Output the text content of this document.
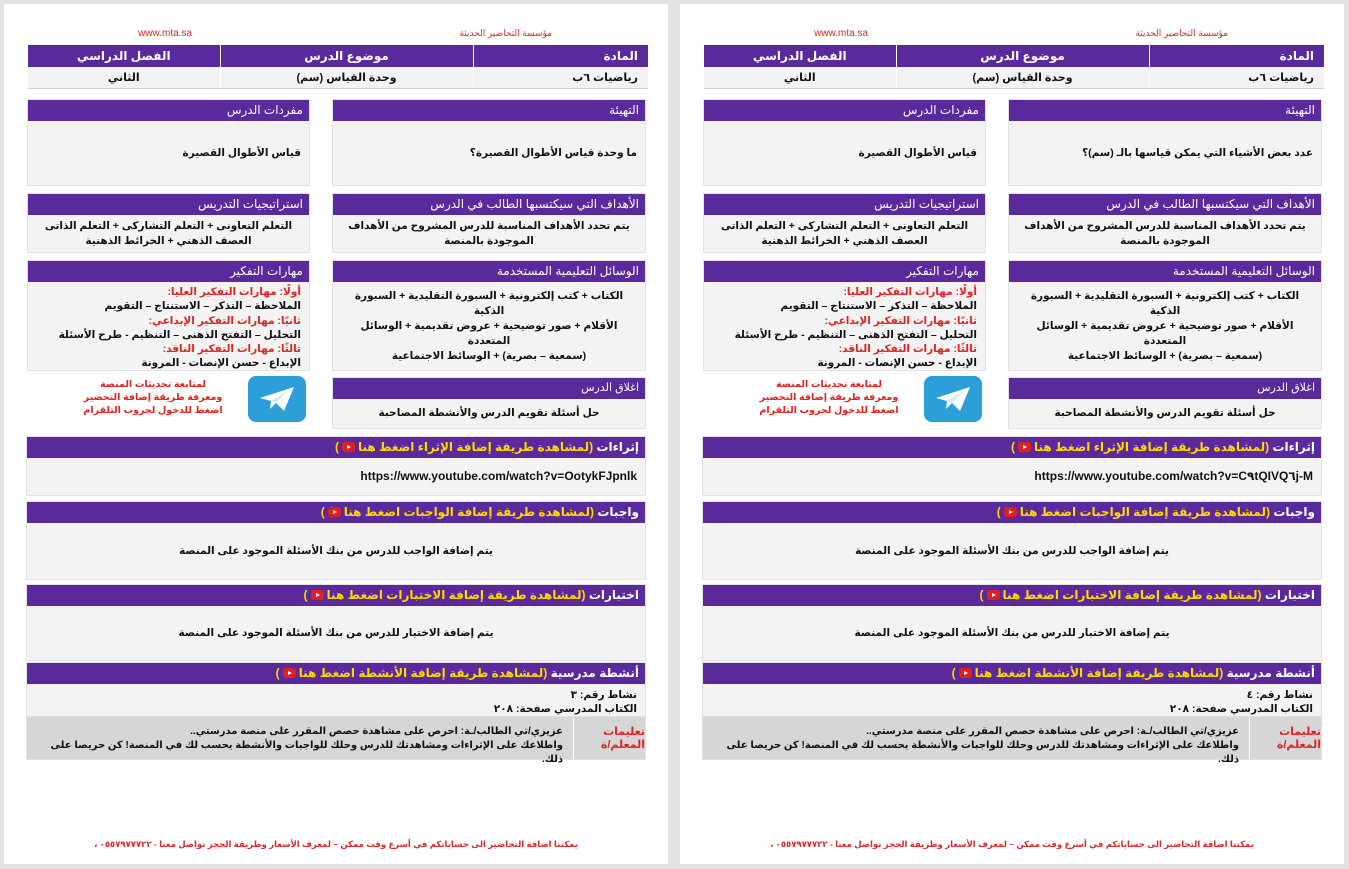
مؤسسة التحاضير الحديثة
www.mta.sa
المادة	موضوع الدرس	الفصل الدراسي
رياضيات ٦ب	وحدة القياس (سم)	الثاني
التهيئة
ما وحدة قياس الأطوال القصيرة؟
مفردات الدرس
قياس الأطوال القصيرة
الأهداف التي سيكتسبها الطالب في الدرس
يتم تحدد الأهداف المناسبة للدرس المشروح من الأهداف الموجودة بالمنصة
استراتيجيات التدريس
التعلم التعاونى + التعلم التشاركى + التعلم الذاتى
العصف الذهني + الخرائط الذهنية
الوسائل التعليمية المستخدمة
الكتاب + كتب إلكترونية + السبورة التقليدية + السبورة الذكية
الأقلام + صور توضيحية + عروض تقديمية + الوسائل المتعددة
(سمعية – بصرية) + الوسائط الاجتماعية
مهارات التفكير
أولًا: مهارات التفكير العليا:
الملاحظة – التذكر – الاستنتاج – التقويم
ثانيًا: مهارات التفكير الإبداعي:
التحليل – التفتح الذهنى – التنظيم - طرح الأسئلة
ثالثًا: مهارات التفكير الناقد:
الإبداع - حسن الإنصات - المرونة
اغلاق الدرس
حل أسئلة تقويم الدرس والأنشطة المصاحبة
لمتابعة تحديثات المنصة
ومعرفة طريقة إضافة التحضير
اضغط للدخول لجروب التلقرام
إثراءات (لمشاهدة طريقة إضافة الإثراء اضغط هنا)
https://www.youtube.com/watch?v=OotykFJpnlk
واجبات (لمشاهدة طريقة إضافة الواجبات اضغط هنا)
يتم إضافة الواجب للدرس من بنك الأسئلة الموجود على المنصة
اختبارات (لمشاهدة طريقة إضافة الاختبارات اضغط هنا)
يتم إضافة الاختبار للدرس من بنك الأسئلة الموجود على المنصة
أنشطة مدرسية (لمشاهدة طريقة إضافة الأنشطة اضغط هنا)
نشاط رقم: ٣
الكتاب المدرسي صفحة: ٢٠٨
تعليمات المعلم/ة
عزيزي/تي الطالب/ـة: احرص على مشاهدة حصص المقرر على منصة مدرستي..
واطلاعك على الإثراءات ومشاهدتك للدرس وحلك للواجبات والأنشطة يحسب لك في المنصة! كن حريصا على ذلك.
يمكننا اضافة التحاضير الى حساباتكم في أسرع وقت ممكن – لمعرف الأسعار وطريقة الحجز تواصل معنا - ٠٥٥٧٩٧٧٧٢٢ ،
مؤسسة التحاضير الحديثة
www.mta.sa
المادة	موضوع الدرس	الفصل الدراسي
رياضيات ٦ب	وحدة القياس (سم)	الثاني
التهيئة
عدد بعض الأشياء التي يمكن قياسها بالـ (سم)؟
مفردات الدرس
قياس الأطوال القصيرة
الأهداف التي سيكتسبها الطالب في الدرس
يتم تحدد الأهداف المناسبة للدرس المشروح من الأهداف الموجودة بالمنصة
استراتيجيات التدريس
التعلم التعاونى + التعلم التشاركى + التعلم الذاتى
العصف الذهني + الخرائط الذهنية
الوسائل التعليمية المستخدمة
الكتاب + كتب إلكترونية + السبورة التقليدية + السبورة الذكية
الأقلام + صور توضيحية + عروض تقديمية + الوسائل المتعددة
(سمعية – بصرية) + الوسائط الاجتماعية
مهارات التفكير
أولًا: مهارات التفكير العليا:
الملاحظة – التذكر – الاستنتاج – التقويم
ثانيًا: مهارات التفكير الإبداعي:
التحليل – التفتح الذهنى – التنظيم - طرح الأسئلة
ثالثًا: مهارات التفكير الناقد:
الإبداع - حسن الإنصات - المرونة
اغلاق الدرس
حل أسئلة تقويم الدرس والأنشطة المصاحبة
لمتابعة تحديثات المنصة
ومعرفة طريقة إضافة التحضير
اضغط للدخول لجروب التلقرام
إثراءات (لمشاهدة طريقة إضافة الإثراء اضغط هنا)
https://www.youtube.com/watch?v=C٩tQIVQ٦j-M
واجبات (لمشاهدة طريقة إضافة الواجبات اضغط هنا)
يتم إضافة الواجب للدرس من بنك الأسئلة الموجود على المنصة
اختبارات (لمشاهدة طريقة إضافة الاختبارات اضغط هنا)
يتم إضافة الاختبار للدرس من بنك الأسئلة الموجود على المنصة
أنشطة مدرسية (لمشاهدة طريقة إضافة الأنشطة اضغط هنا)
نشاط رقم: ٤
الكتاب المدرسي صفحة: ٢٠٨
تعليمات المعلم/ة
عزيزي/تي الطالب/ـة: احرص على مشاهدة حصص المقرر على منصة مدرستي..
واطلاعك على الإثراءات ومشاهدتك للدرس وحلك للواجبات والأنشطة يحسب لك في المنصة! كن حريصا على ذلك.
يمكننا اضافة التحاضير الى حساباتكم في أسرع وقت ممكن – لمعرف الأسعار وطريقة الحجز تواصل معنا - ٠٥٥٧٩٧٧٧٢٢ ،
